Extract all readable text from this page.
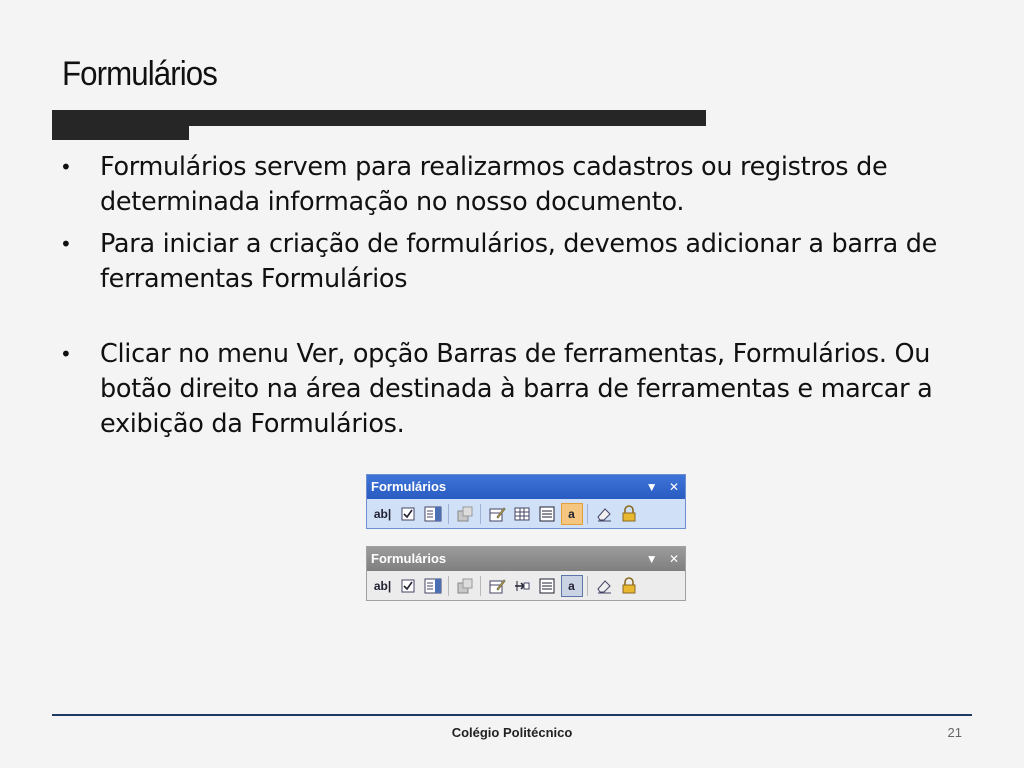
Formulários
• Formulários servem para realizarmos cadastros ou registros de determinada informação no nosso documento.
• Para iniciar a criação de formulários, devemos adicionar a barra de ferramentas Formulários
• Clicar no menu Ver, opção Barras de ferramentas, Formulários. Ou botão direito na área destinada à barra de ferramentas e marcar a exibição da Formulários.
Formulários	▼ ✕
ab|	a
Formulários	▼ ✕
ab|	a
Colégio Politécnico	21
